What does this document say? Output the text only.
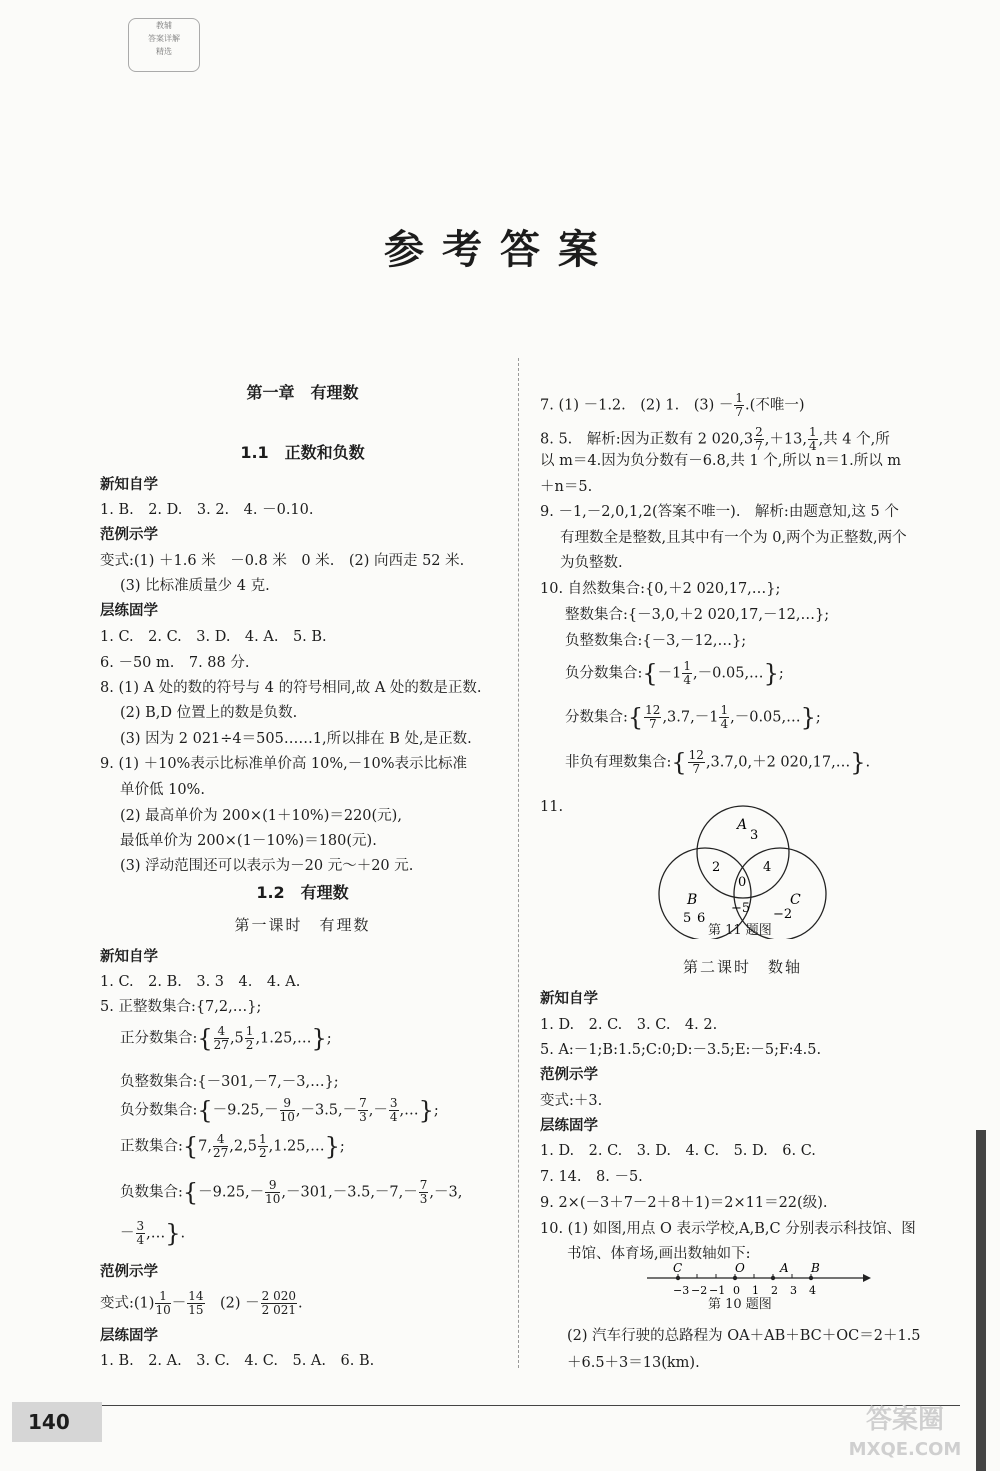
教辅
答案详解
精选
参考答案
第一章　有理数
1.1　正数和负数
新知自学
1. B.　2. D.　3. 2.　4. －0.10.
范例示学
变式:(1) ＋1.6 米　－0.8 米　0 米.　(2) 向西走 52 米.
(3) 比标准质量少 4 克.
层练固学
1. C.　2. C.　3. D.　4. A.　5. B.
6. －50 m.　7. 88 分.
8. (1) A 处的数的符号与 4 的符号相同,故 A 处的数是正数.
(2) B,D 位置上的数是负数.
(3) 因为 2 021÷4＝505……1,所以排在 B 处,是正数.
9. (1) ＋10%表示比标准单价高 10%,－10%表示比标准
单价低 10%.
(2) 最高单价为 200×(1＋10%)＝220(元),
最低单价为 200×(1－10%)＝180(元).
(3) 浮动范围还可以表示为－20 元～＋20 元.
1.2　有理数
第一课时　有理数
新知自学
1. C.　2. B.　3. 3　4.　4. A.
5. 正整数集合:{7,2,…};
正分数集合:{ $\frac{4}{27} ,5 \frac{1}{2}$ ,1.25,…};
负整数集合:{－301,－7,－3,…};
负分数集合:{－9.25,－ $\frac{9}{10} ,-3.5,- \frac{7}{3}$ ,－ $\frac{3}{4}$ ,…};
正数集合:{7, $\frac{4}{27} ,2,5 \frac{1}{2}$ ,1.25,…};
负数集合:{－9.25,－ $\frac{9}{10} ,-301,-3.5,-7,- \frac{7}{3} ,-3$,
－ $\frac{3}{4}$ ,…}.
范例示学
变式:(1) $\frac{1}{10} - \frac{14}{15}$ 　$(2) - \frac{2 020}{2 021}$ .
层练固学
1. B.　2. A.　3. C.　4. C.　5. A.　6. B.
7. (1) －1.2.　(2) 1.　$(3) - \frac{1}{7}$ .(不唯一)
8. 5.　解析:因为正数有 2 $020,3 \frac{2}{7} ,+13$, $\frac{1}{4}$ ,共 4 个,所
以 m＝4.因为负分数有－6.8,共 1 个,所以 n＝1.所以 m
＋n＝5.
9. －1,－2,0,1,2(答案不唯一).　解析:由题意知,这 5 个
有理数全是整数,且其中有一个为 0,两个为正整数,两个
为负整数.
10. 自然数集合:{0,＋2 020,17,…};
整数集合:{－3,0,＋2 020,17,－12,…};
负整数集合:{－3,－12,…};
负分数集合:{－1 $\frac{1}{4}$ ,－0.05,…};
分数集合:{ $\frac{12}{7} ,3.7,-1 \frac{1}{4}$ ,－0.05,…};
非负有理数集合:{ $\frac{12}{7} ,3.7,0,+2$ 020,17,…}.
11.
A
3
2
0
4
B
5 6
−5
C
−2
第 11 题图
第二课时　数轴
新知自学
1. D.　2. C.　3. C.　4. 2.
5. A:－1;B:1.5;C:0;D:－3.5;E:－5;F:4.5.
范例示学
变式:＋3.
层练固学
1. D.　2. C.　3. D.　4. C.　5. D.　6. C.
7. 14.　8. －5.
9. 2×(－3＋7－2＋8＋1)＝2×11＝22(级).
10. (1) 如图,用点 O 表示学校,A,B,C 分别表示科技馆、图
书馆、体育场,画出数轴如下:
C	O	A B
−3 −2 −1 0 1 2 3 4
第 10 题图
(2) 汽车行驶的总路程为 OA＋AB＋BC＋OC＝2＋1.5
＋6.5＋3＝13(km).
140	答案圈
MXQE.COM
